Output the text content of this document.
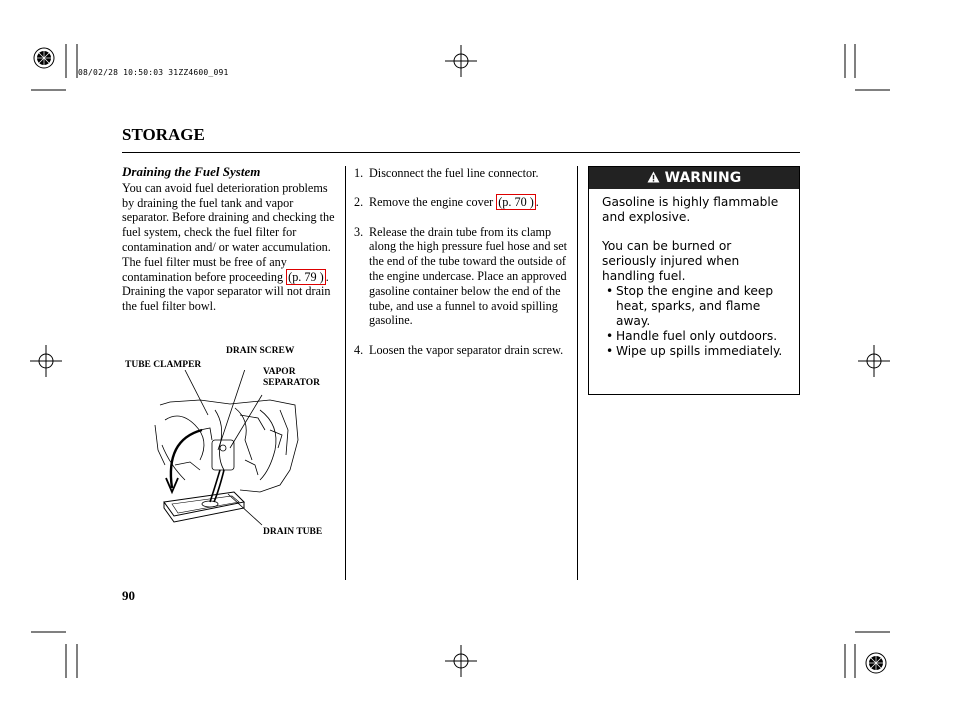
08/02/28 10:50:03 31ZZ4600_091
STORAGE
Draining the Fuel System
You can avoid fuel deterioration problems by draining the fuel tank and vapor separator. Before draining and checking the fuel system, check the fuel filter for contamination and/ or water accumulation. The fuel filter must be free of any contamination before proceeding (p. 79 ) . Draining the vapor separator will not drain the fuel filter bowl.
DRAIN SCREW
TUBE CLAMPER
VAPOR
SEPARATOR
DRAIN TUBE
1. Disconnect the fuel line connector.
2. Remove the engine cover (p. 70 ) .
3. Release the drain tube from its clamp along the high pressure fuel hose and set the end of the tube toward the outside of the engine undercase. Place an approved gasoline container below the end of the tube, and use a funnel to avoid spilling gasoline.
4. Loosen the vapor separator drain screw.
WARNING

Gasoline is highly flammable and explosive.

You can be burned or seriously injured when handling fuel.

• Stop the engine and keep heat, sparks, and flame away.
• Handle fuel only outdoors.
• Wipe up spills immediately.
90
